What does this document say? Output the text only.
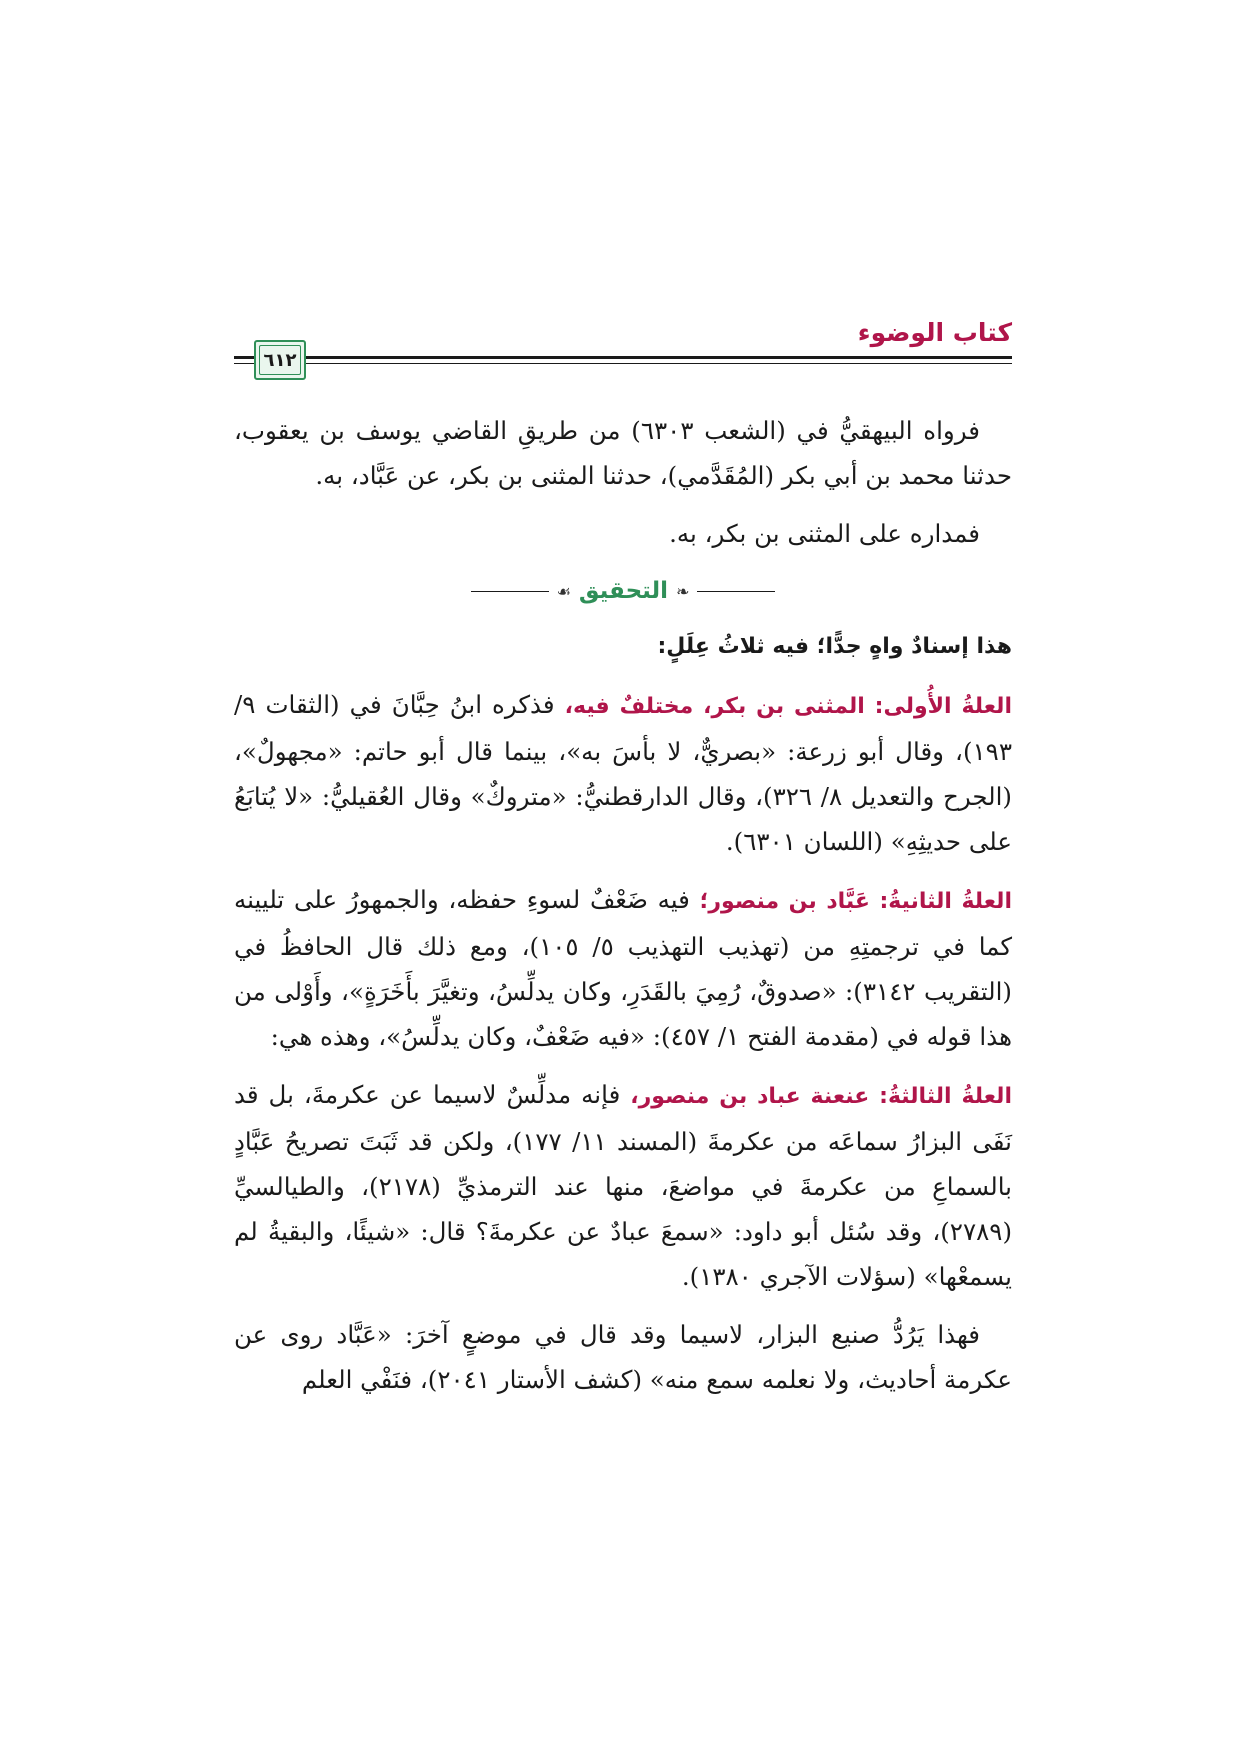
كتاب الوضوء
٦١٢

فرواه البيهقيُّ في (الشعب ٦٣٠٣) من طريقِ القاضي يوسف بن يعقوب، حدثنا محمد بن أبي بكر (المُقَدَّمي)، حدثنا المثنى بن بكر، عن عَبَّاد، به.

فمداره على المثنى بن بكر، به.

❧
التحقيق
☙

هذا إسنادٌ واهٍ جدًّا؛ فيه ثلاثُ عِلَلٍ:

العلةُ الأُولى: المثنى بن بكر، مختلفٌ فيه، فذكره ابنُ حِبَّانَ في (الثقات ٩/ ١٩٣)، وقال أبو زرعة: «بصريٌّ، لا بأسَ به»، بينما قال أبو حاتم: «مجهولٌ»، (الجرح والتعديل ٨/ ٣٢٦)، وقال الدارقطنيُّ: «متروكٌ» وقال العُقيليُّ: «لا يُتابَعُ على حديثِهِ» (اللسان ٦٣٠١).

العلةُ الثانيةُ: عَبَّاد بن منصور؛ فيه ضَعْفٌ لسوءِ حفظه، والجمهورُ على تليينه كما في ترجمتِهِ من (تهذيب التهذيب ٥/ ١٠٥)، ومع ذلك قال الحافظُ في (التقريب ٣١٤٢): «صدوقٌ، رُمِيَ بالقَدَرِ، وكان يدلِّسُ، وتغيَّرَ بأَخَرَةٍ»، وأَوْلى من هذا قوله في (مقدمة الفتح ١/ ٤٥٧): «فيه ضَعْفٌ، وكان يدلِّسُ»، وهذه هي:

العلةُ الثالثةُ: عنعنة عباد بن منصور، فإنه مدلِّسٌ لاسيما عن عكرمةَ، بل قد نَفَى البزارُ سماعَه من عكرمةَ (المسند ١١/ ١٧٧)، ولكن قد ثَبَتَ تصريحُ عَبَّادٍ بالسماعِ من عكرمةَ في مواضعَ، منها عند الترمذيِّ (٢١٧٨)، والطيالسيِّ (٢٧٨٩)، وقد سُئل أبو داود: «سمعَ عبادٌ عن عكرمةَ؟ قال: «شيئًا، والبقيةُ لم يسمعْها» (سؤلات الآجري ١٣٨٠).

فهذا يَرُدُّ صنيع البزار، لاسيما وقد قال في موضعٍ آخرَ: «عَبَّاد روى عن عكرمة أحاديث، ولا نعلمه سمع منه» (كشف الأستار ٢٠٤١)، فنَفْي العلم
